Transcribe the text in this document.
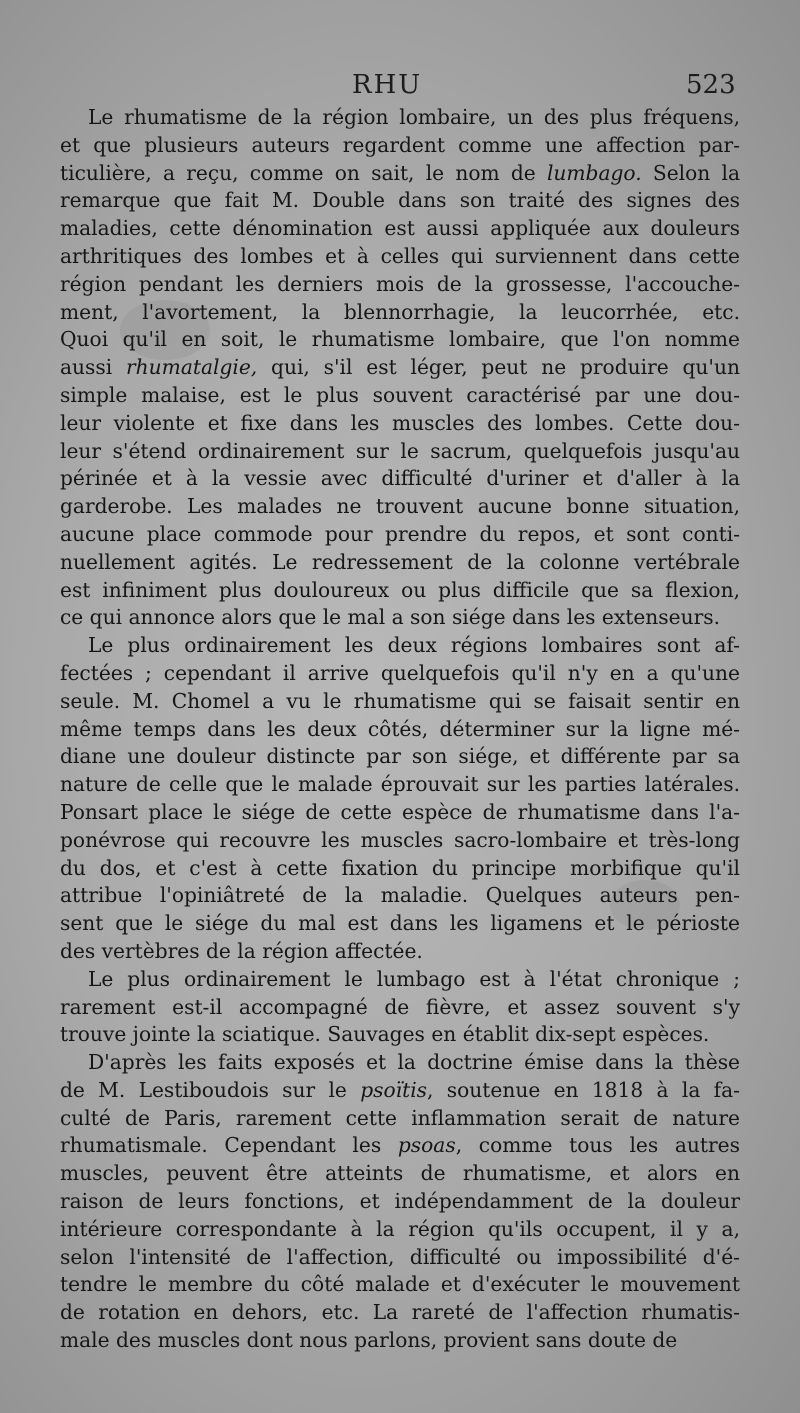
RHU	523
Le rhumatisme de la région lombaire, un des plus fréquens,
et que plusieurs auteurs regardent comme une affection par-
ticulière, a reçu, comme on sait, le nom de lumbago. Selon la
remarque que fait M. Double dans son traité des signes des
maladies, cette dénomination est aussi appliquée aux douleurs
arthritiques des lombes et à celles qui surviennent dans cette
région pendant les derniers mois de la grossesse, l'accouche-
ment, l'avortement, la blennorrhagie, la leucorrhée, etc.
Quoi qu'il en soit, le rhumatisme lombaire, que l'on nomme
aussi rhumatalgie, qui, s'il est léger, peut ne produire qu'un
simple malaise, est le plus souvent caractérisé par une dou-
leur violente et fixe dans les muscles des lombes. Cette dou-
leur s'étend ordinairement sur le sacrum, quelquefois jusqu'au
périnée et à la vessie avec difficulté d'uriner et d'aller à la
garderobe. Les malades ne trouvent aucune bonne situation,
aucune place commode pour prendre du repos, et sont conti-
nuellement agités. Le redressement de la colonne vertébrale
est infiniment plus douloureux ou plus difficile que sa flexion,
ce qui annonce alors que le mal a son siége dans les extenseurs.
Le plus ordinairement les deux régions lombaires sont af-
fectées ; cependant il arrive quelquefois qu'il n'y en a qu'une
seule. M. Chomel a vu le rhumatisme qui se faisait sentir en
même temps dans les deux côtés, déterminer sur la ligne mé-
diane une douleur distincte par son siége, et différente par sa
nature de celle que le malade éprouvait sur les parties latérales.
Ponsart place le siége de cette espèce de rhumatisme dans l'a-
ponévrose qui recouvre les muscles sacro-lombaire et très-long
du dos, et c'est à cette fixation du principe morbifique qu'il
attribue l'opiniâtreté de la maladie. Quelques auteurs pen-
sent que le siége du mal est dans les ligamens et le périoste
des vertèbres de la région affectée.
Le plus ordinairement le lumbago est à l'état chronique ;
rarement est-il accompagné de fièvre, et assez souvent s'y
trouve jointe la sciatique. Sauvages en établit dix-sept espèces.
D'après les faits exposés et la doctrine émise dans la thèse
de M. Lestiboudois sur le psoïtis, soutenue en 1818 à la fa-
culté de Paris, rarement cette inflammation serait de nature
rhumatismale. Cependant les psoas, comme tous les autres
muscles, peuvent être atteints de rhumatisme, et alors en
raison de leurs fonctions, et indépendamment de la douleur
intérieure correspondante à la région qu'ils occupent, il y a,
selon l'intensité de l'affection, difficulté ou impossibilité d'é-
tendre le membre du côté malade et d'exécuter le mouvement
de rotation en dehors, etc. La rareté de l'affection rhumatis-
male des muscles dont nous parlons, provient sans doute de
